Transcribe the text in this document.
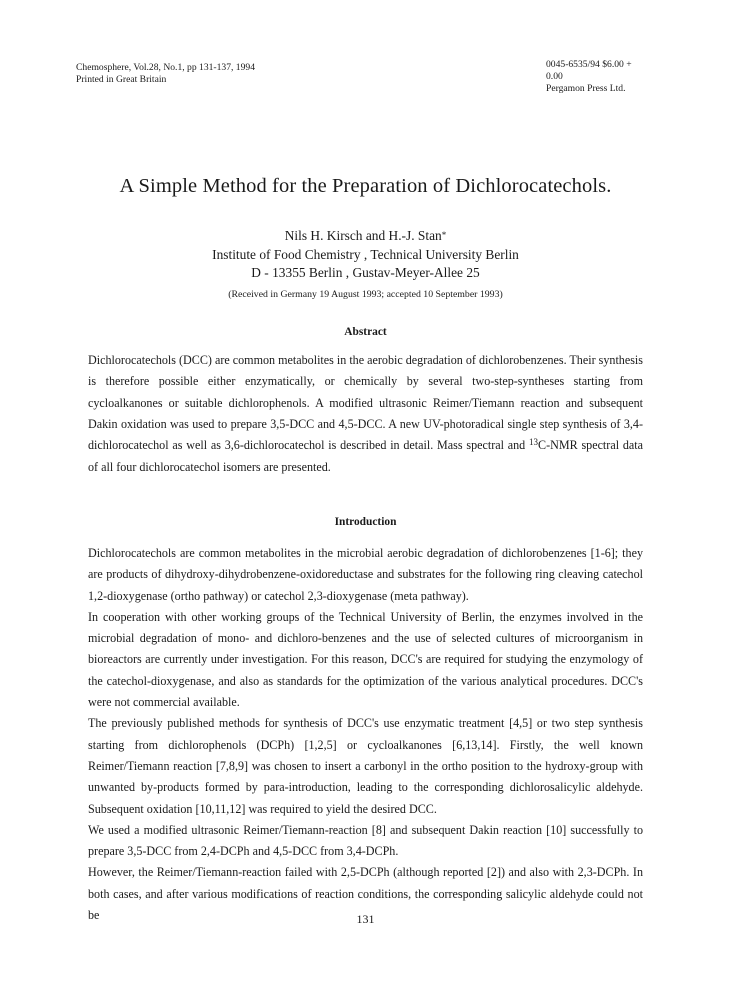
Chemosphere, Vol.28, No.1, pp 131-137, 1994
Printed in Great Britain
0045-6535/94 $6.00 + 0.00
Pergamon Press Ltd.
A Simple Method for the Preparation of Dichlorocatechols.
Nils H. Kirsch and H.-J. Stan*
Institute of Food Chemistry , Technical University Berlin
D - 13355 Berlin , Gustav-Meyer-Allee 25
(Received in Germany 19 August 1993; accepted 10 September 1993)
Abstract

Dichlorocatechols (DCC) are common metabolites in the aerobic degradation of dichlorobenzenes. Their synthesis is therefore possible either enzymatically, or chemically by several two-step-syntheses starting from cycloalkanones or suitable dichlorophenols. A modified ultrasonic Reimer/Tiemann reaction and subsequent Dakin oxidation was used to prepare 3,5-DCC and 4,5-DCC. A new UV-photoradical single step synthesis of 3,4-dichlorocatechol as well as 3,6-dichlorocatechol is described in detail. Mass spectral and $^{13}$C-NMR spectral data of all four dichlorocatechol isomers are presented.

Introduction

Dichlorocatechols are common metabolites in the microbial aerobic degradation of dichlorobenzenes [1-6]; they are products of dihydroxy-dihydrobenzene-oxidoreductase and substrates for the following ring cleaving catechol 1,2-dioxygenase (ortho pathway) or catechol 2,3-dioxygenase (meta pathway).

In cooperation with other working groups of the Technical University of Berlin, the enzymes involved in the microbial degradation of mono- and dichloro-benzenes and the use of selected cultures of microorganism in bioreactors are currently under investigation. For this reason, DCC's are required for studying the enzymology of the catechol-dioxygenase, and also as standards for the optimization of the various analytical procedures. DCC's were not commercial available.

The previously published methods for synthesis of DCC's use enzymatic treatment [4,5] or two step synthesis starting from dichlorophenols (DCPh) [1,2,5] or cycloalkanones [6,13,14]. Firstly, the well known Reimer/Tiemann reaction [7,8,9] was chosen to insert a carbonyl in the ortho position to the hydroxy-group with unwanted by-products formed by para-introduction, leading to the corresponding dichlorosalicylic aldehyde. Subsequent oxidation [10,11,12] was required to yield the desired DCC.

We used a modified ultrasonic Reimer/Tiemann-reaction [8] and subsequent Dakin reaction [10] successfully to prepare 3,5-DCC from 2,4-DCPh and 4,5-DCC from 3,4-DCPh.

However, the Reimer/Tiemann-reaction failed with 2,5-DCPh (although reported [2]) and also with 2,3-DCPh. In both cases, and after various modifications of reaction conditions, the corresponding salicylic aldehyde could not be	131
